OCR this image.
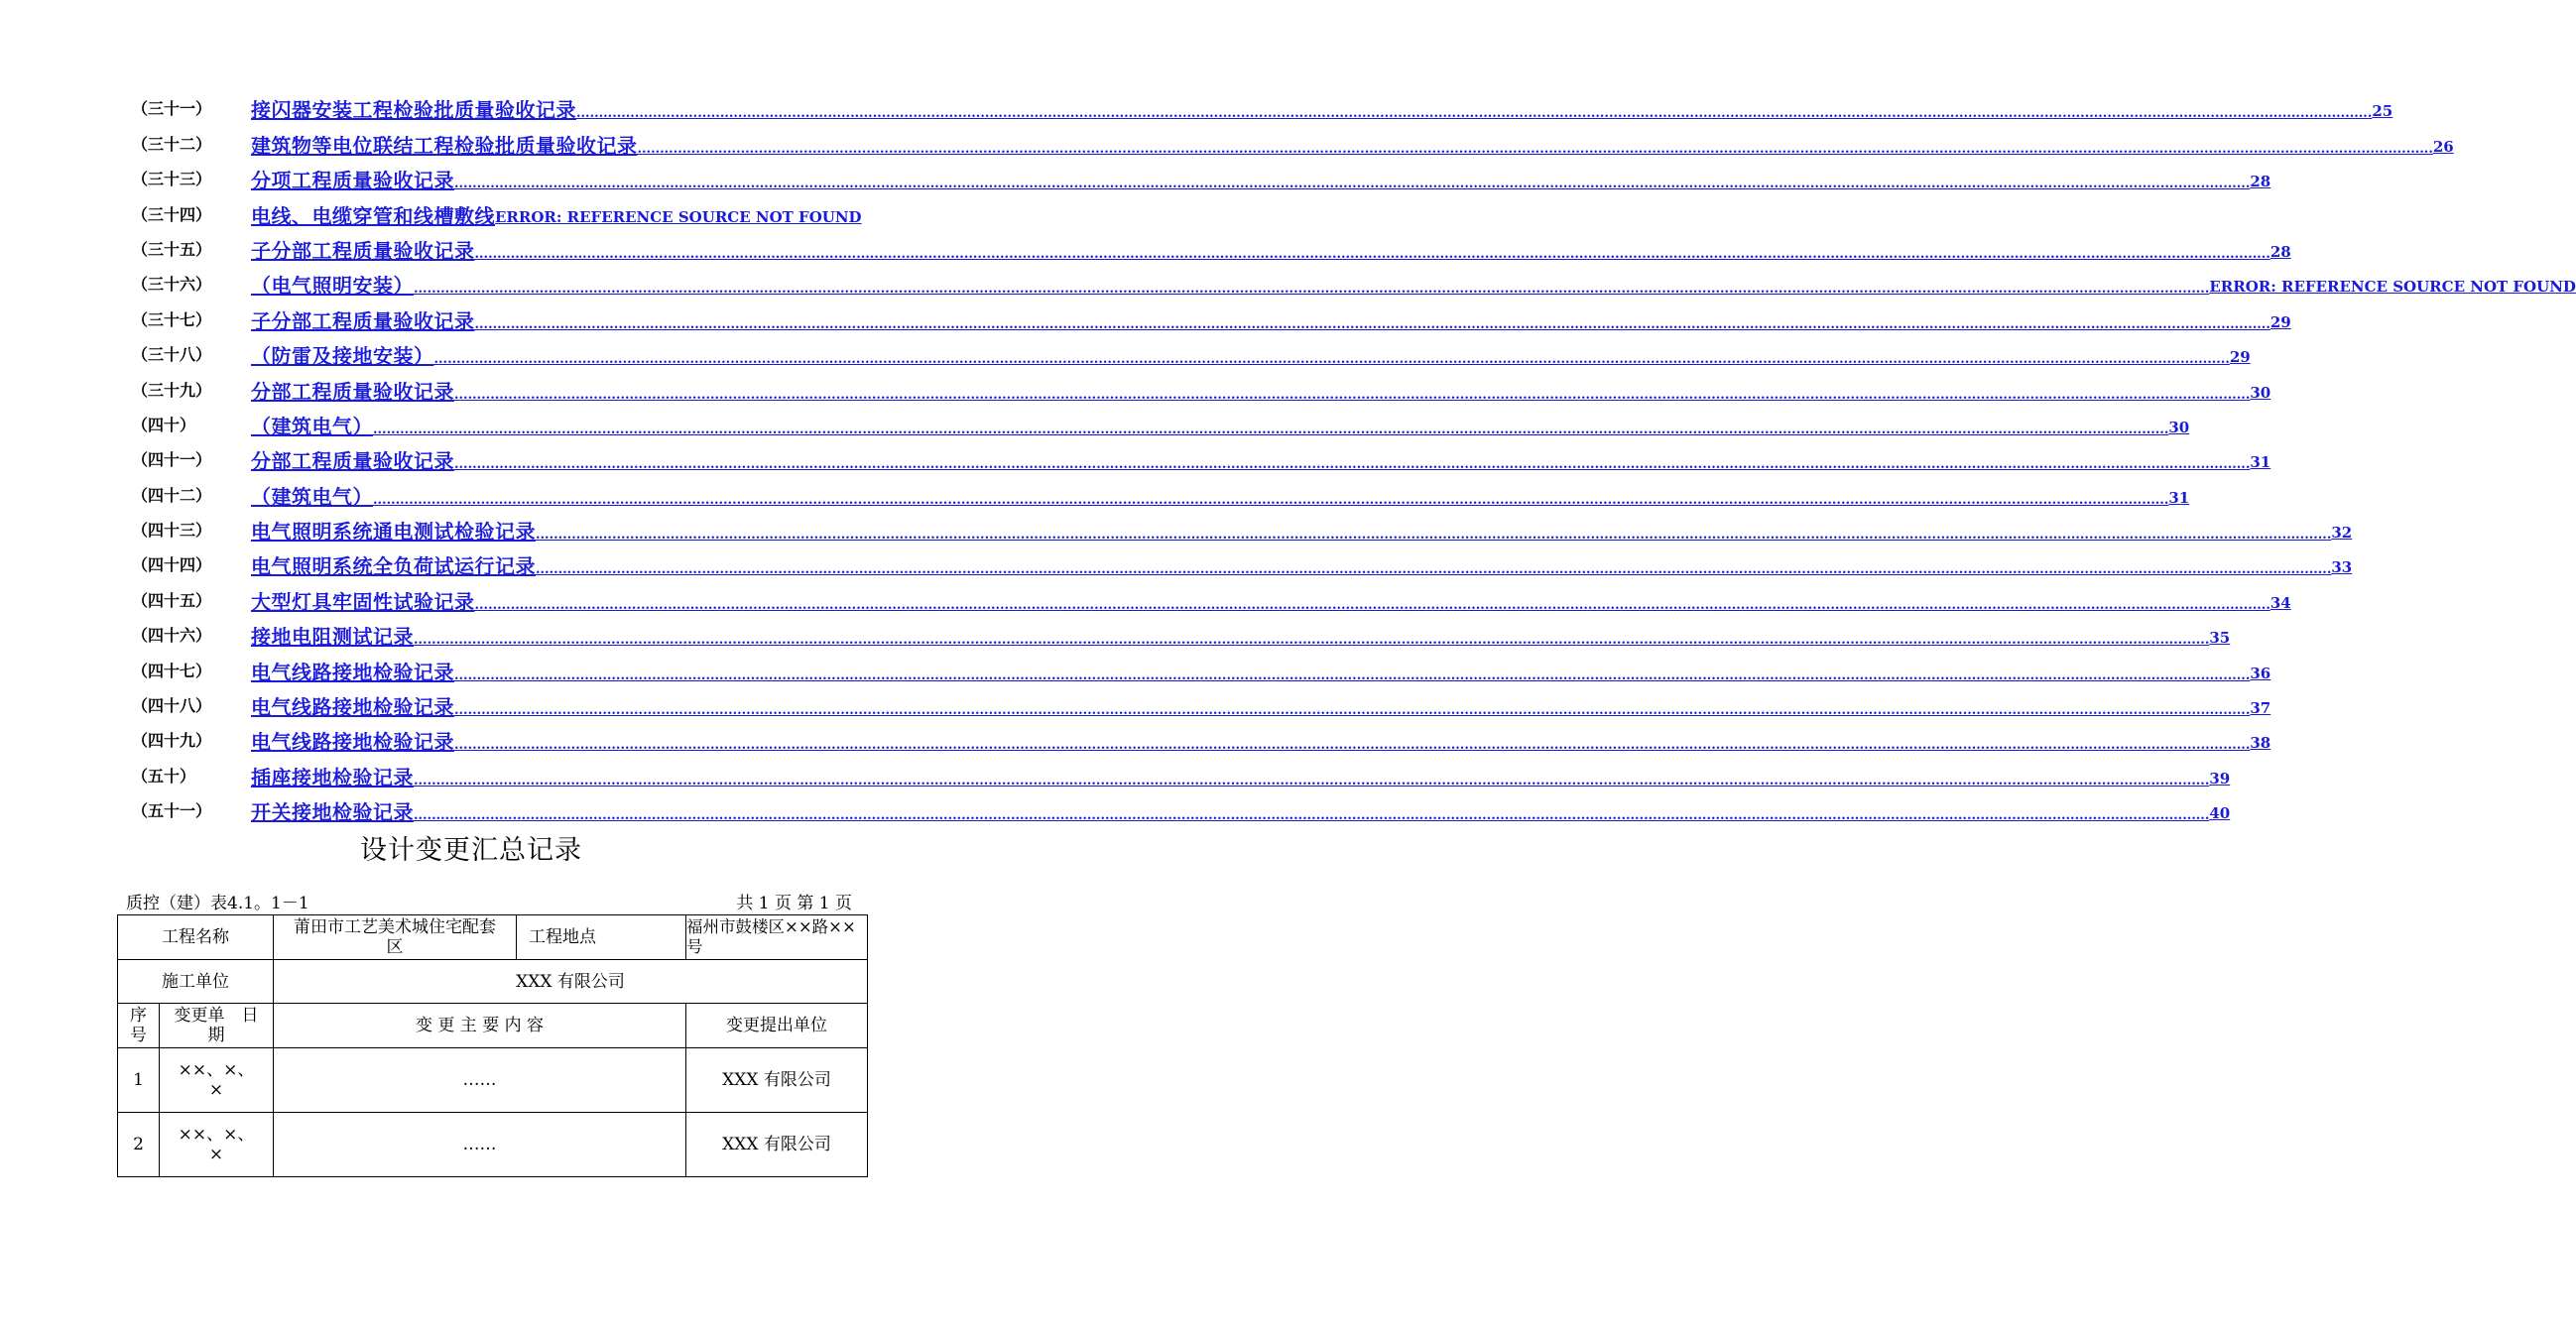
（三十一）	接闪器安装工程检验批质量验收记录 ................................................................................................................................................................................................................................................................................................................................................................................................................ 25
（三十二）	建筑物等电位联结工程检验批质量验收记录 ................................................................................................................................................................................................................................................................................................................................................................................................................ 26
（三十三）	分项工程质量验收记录 ................................................................................................................................................................................................................................................................................................................................................................................................................ 28
（三十四）	电线、电缆穿管和线槽敷线 ERROR: REFERENCE SOURCE NOT FOUND
（三十五）	子分部工程质量验收记录 ................................................................................................................................................................................................................................................................................................................................................................................................................ 28
（三十六）	（电气照明安装） ................................................................................................................................................................................................................................................................................................................................................................................................................ ERROR: REFERENCE SOURCE NOT FOUND
（三十七）	子分部工程质量验收记录 ................................................................................................................................................................................................................................................................................................................................................................................................................ 29
（三十八）	（防雷及接地安装） ................................................................................................................................................................................................................................................................................................................................................................................................................ 29
（三十九）	分部工程质量验收记录 ................................................................................................................................................................................................................................................................................................................................................................................................................ 30
（四十）	（建筑电气） ................................................................................................................................................................................................................................................................................................................................................................................................................ 30
（四十一）	分部工程质量验收记录 ................................................................................................................................................................................................................................................................................................................................................................................................................ 31
（四十二）	（建筑电气） ................................................................................................................................................................................................................................................................................................................................................................................................................ 31
（四十三）	电气照明系统通电测试检验记录 ................................................................................................................................................................................................................................................................................................................................................................................................................ 32
（四十四）	电气照明系统全负荷试运行记录 ................................................................................................................................................................................................................................................................................................................................................................................................................ 33
（四十五）	大型灯具牢固性试验记录 ................................................................................................................................................................................................................................................................................................................................................................................................................ 34
（四十六）	接地电阻测试记录 ................................................................................................................................................................................................................................................................................................................................................................................................................ 35
（四十七）	电气线路接地检验记录 ................................................................................................................................................................................................................................................................................................................................................................................................................ 36
（四十八）	电气线路接地检验记录 ................................................................................................................................................................................................................................................................................................................................................................................................................ 37
（四十九）	电气线路接地检验记录 ................................................................................................................................................................................................................................................................................................................................................................................................................ 38
（五十）	插座接地检验记录 ................................................................................................................................................................................................................................................................................................................................................................................................................ 39
（五十一）	开关接地检验记录 ................................................................................................................................................................................................................................................................................................................................................................................................................ 40
设计变更汇总记录
质控（建）表4.1。1－1	共 1 页 第 1 页
工程名称		莆田市工艺美术城住宅配套区	工程地点	福州市鼓楼区××路××号
施工单位		XXX 有限公司		
序号	变更单　日期	变 更 主 要 内 容		变更提出单位
1	××、×、×	……		XXX 有限公司
2	××、×、×	……		XXX 有限公司
